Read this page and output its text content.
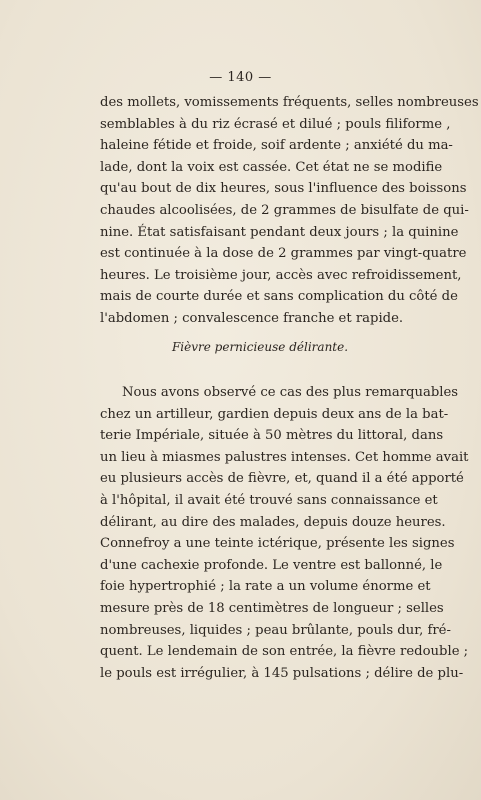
— 140 —
des mollets, vomissements fréquents, selles nombreuses
semblables à du riz écrasé et dilué ; pouls filiforme ,
haleine fétide et froide, soif ardente ; anxiété du ma-
lade, dont la voix est cassée. Cet état ne se modifie
qu'au bout de dix heures, sous l'influence des boissons
chaudes alcoolisées, de 2 grammes de bisulfate de qui-
nine. État satisfaisant pendant deux jours ; la quinine
est continuée à la dose de 2 grammes par vingt-quatre
heures. Le troisième jour, accès avec refroidissement,
mais de courte durée et sans complication du côté de
l'abdomen ; convalescence franche et rapide.
Fièvre pernicieuse délirante.
Nous avons observé ce cas des plus remarquables
chez un artilleur, gardien depuis deux ans de la bat-
terie Impériale, située à 50 mètres du littoral, dans
un lieu à miasmes palustres intenses. Cet homme avait
eu plusieurs accès de fièvre, et, quand il a été apporté
à l'hôpital, il avait été trouvé sans connaissance et
délirant, au dire des malades, depuis douze heures.
Connefroy a une teinte ictérique, présente les signes
d'une cachexie profonde. Le ventre est ballonné, le
foie hypertrophié ; la rate a un volume énorme et
mesure près de 18 centimètres de longueur ; selles
nombreuses, liquides ; peau brûlante, pouls dur, fré-
quent. Le lendemain de son entrée, la fièvre redouble ;
le pouls est irrégulier, à 145 pulsations ; délire de plu-
